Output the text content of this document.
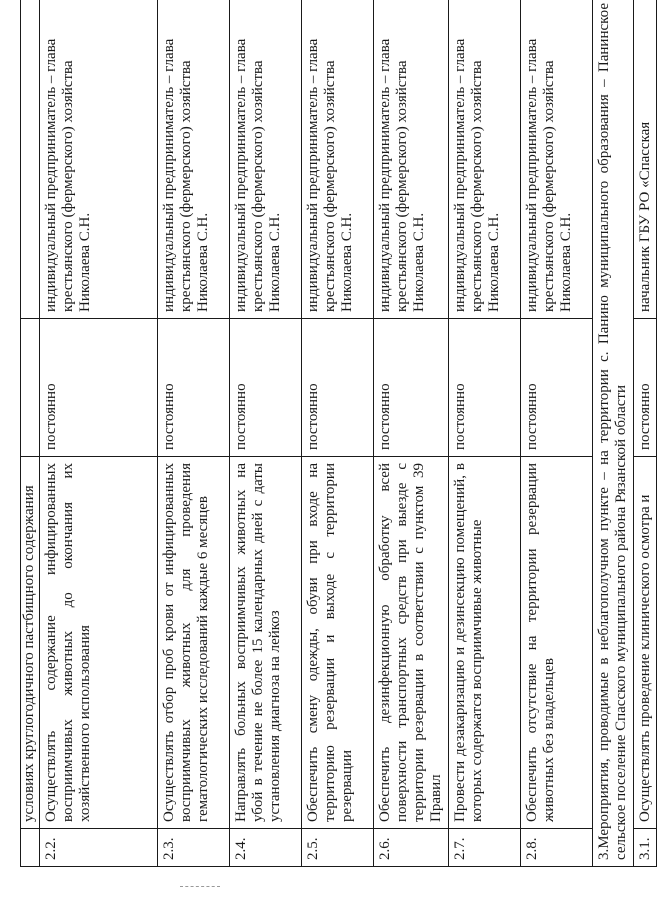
	условиях круглогодичного пастбищного содержания		
2.2.	Осуществлять содержание инфицированных восприимчивых животных до окончания их хозяйственного использования	постоянно	индивидуальный предприниматель – глава крестьянского (фермерского) хозяйства Николаева С.Н.
2.3.	Осуществлять отбор проб крови от инфицированных восприимчивых животных для проведения гематологических исследований каждые 6 месяцев	постоянно	индивидуальный предприниматель – глава крестьянского (фермерского) хозяйства Николаева С.Н.
2.4.	Направлять больных восприимчивых животных на убой в течение не более 15 календарных дней с даты установления диагноза на лейкоз	постоянно	индивидуальный предприниматель – глава крестьянского (фермерского) хозяйства Николаева С.Н.
2.5.	Обеспечить смену одежды, обуви при входе на территорию резервации и выходе с территории резервации	постоянно	индивидуальный предприниматель – глава крестьянского (фермерского) хозяйства Николаева С.Н.
2.6.	Обеспечить дезинфекционную обработку всей поверхности транспортных средств при выезде с территории резервации в соответствии с пунктом 39 Правил	постоянно	индивидуальный предприниматель – глава крестьянского (фермерского) хозяйства Николаева С.Н.
2.7.	Провести дезакаризацию и дезинсекцию помещений, в которых содержатся восприимчивые животные	постоянно	индивидуальный предприниматель – глава крестьянского (фермерского) хозяйства Николаева С.Н.
2.8.	Обеспечить отсутствие на территории резервации животных без владельцев	постоянно	индивидуальный предприниматель – глава крестьянского (фермерского) хозяйства Николаева С.Н.
3.Мероприятия, проводимые в неблагополучном пункте – на территории с. Панино муниципального образования – Панинское сельское поселение Спасского муниципального района Рязанской области			
3.1.	Осуществлять проведение клинического осмотра и	постоянно	начальник ГБУ РО «Спасская
